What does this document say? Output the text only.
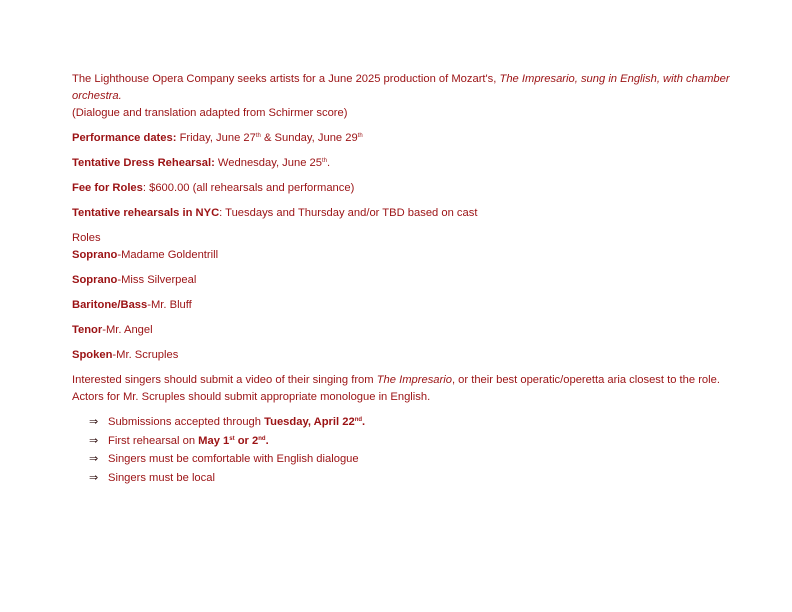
The Lighthouse Opera Company seeks artists for a June 2025 production of Mozart's, The Impresario, sung in English, with chamber orchestra.

(Dialogue and translation adapted from Schirmer score)

Performance dates: Friday, June 27th & Sunday, June 29th

Tentative Dress Rehearsal: Wednesday, June 25th.

Fee for Roles: $600.00 (all rehearsals and performance)

Tentative rehearsals in NYC: Tuesdays and Thursday and/or TBD based on cast

Roles

Soprano-Madame Goldentrill

Soprano-Miss Silverpeal

Baritone/Bass-Mr. Bluff

Tenor-Mr. Angel

Spoken-Mr. Scruples

Interested singers should submit a video of their singing from The Impresario, or their best operatic/operetta aria closest to the role. Actors for Mr. Scruples should submit appropriate monologue in English.

⇒ Submissions accepted through Tuesday, April 22nd.
⇒ First rehearsal on May 1st or 2nd.
⇒ Singers must be comfortable with English dialogue
⇒ Singers must be local
